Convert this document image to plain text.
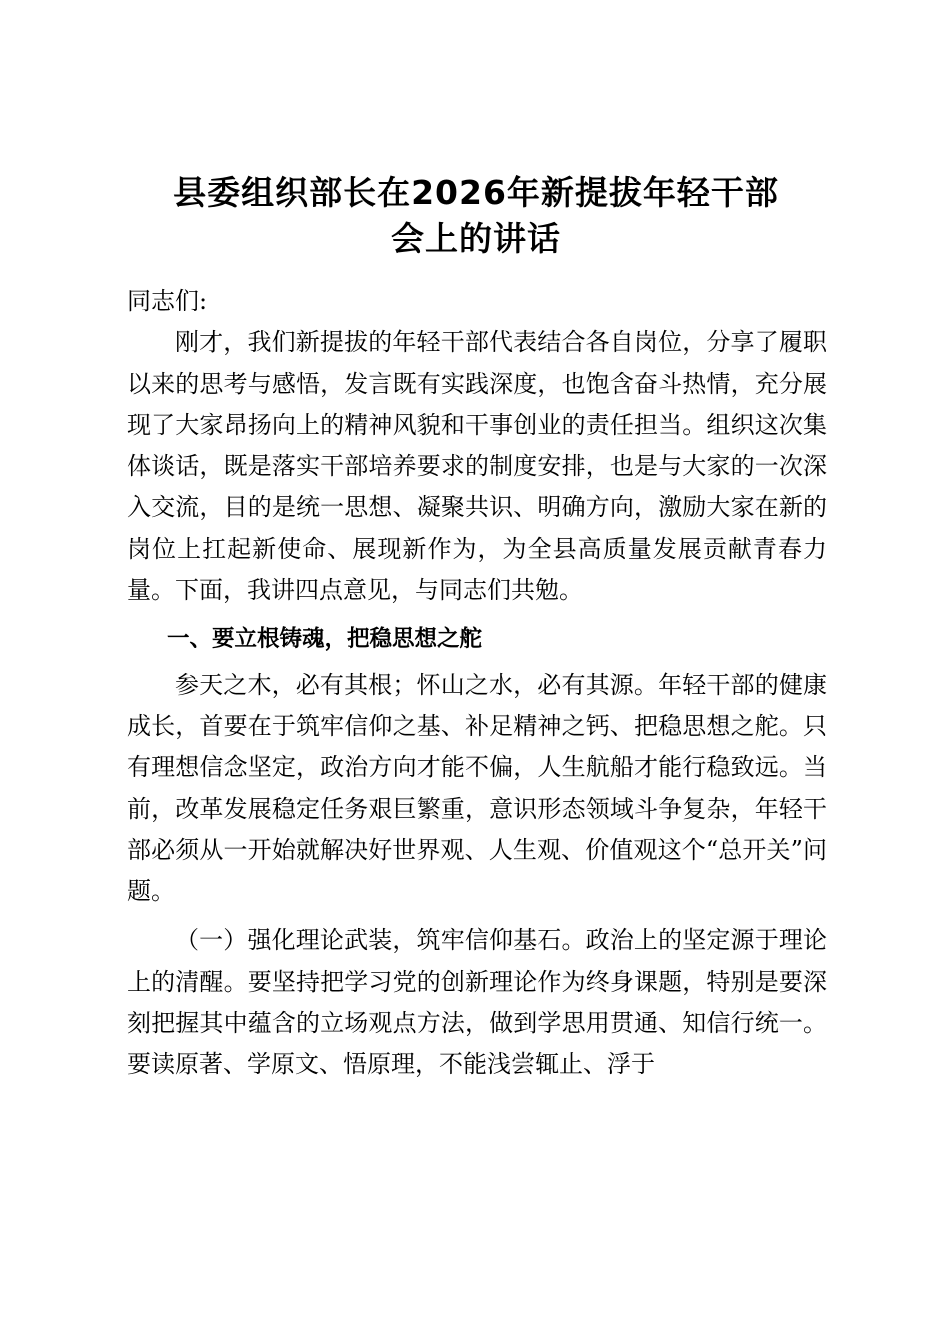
县委组织部长在2026年新提拔年轻干部
会上的讲话

同志们:

刚才，我们新提拔的年轻干部代表结合各自岗位，分享了履职以来的思考与感悟，发言既有实践深度，也饱含奋斗热情，充分展现了大家昂扬向上的精神风貌和干事创业的责任担当。组织这次集体谈话，既是落实干部培养要求的制度安排，也是与大家的一次深入交流，目的是统一思想、凝聚共识、明确方向，激励大家在新的岗位上扛起新使命、展现新作为，为全县高质量发展贡献青春力量。下面，我讲四点意见，与同志们共勉。

一、要立根铸魂，把稳思想之舵

参天之木，必有其根；怀山之水，必有其源。年轻干部的健康成长，首要在于筑牢信仰之基、补足精神之钙、把稳思想之舵。只有理想信念坚定，政治方向才能不偏，人生航船才能行稳致远。当前，改革发展稳定任务艰巨繁重，意识形态领域斗争复杂，年轻干部必须从一开始就解决好世界观、人生观、价值观这个“总开关”问题。

（一）强化理论武装，筑牢信仰基石。政治上的坚定源于理论上的清醒。要坚持把学习党的创新理论作为终身课题，特别是要深刻把握其中蕴含的立场观点方法，做到学思用贯通、知信行统一。要读原著、学原文、悟原理，不能浅尝辄止、浮于
